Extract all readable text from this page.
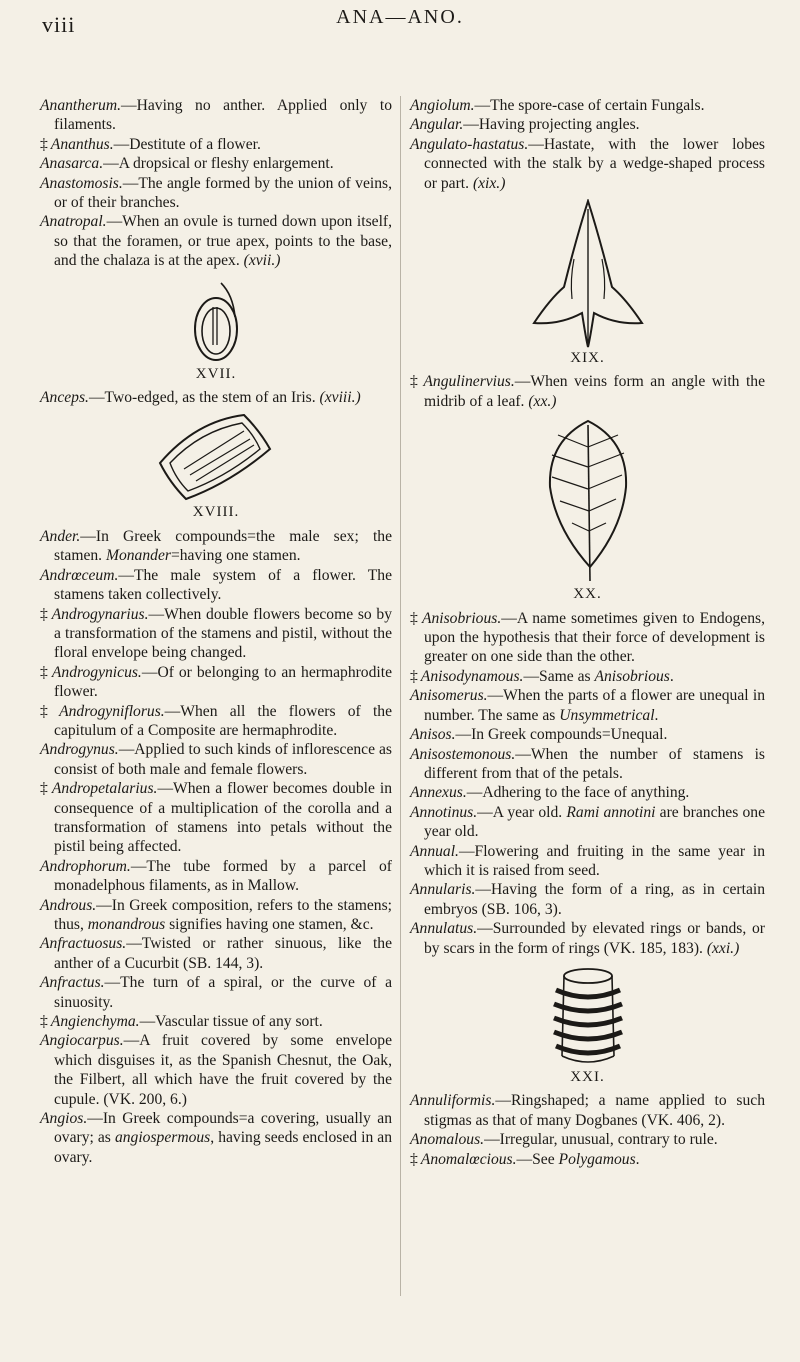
viii	ANA—ANO.

Anantherum.—Having no anther. Applied only to filaments.

‡ Ananthus.—Destitute of a flower.

Anasarca.—A dropsical or fleshy enlargement.

Anastomosis.—The angle formed by the union of veins, or of their branches.

Anatropal.—When an ovule is turned down upon itself, so that the foramen, or true apex, points to the base, and the chalaza is at the apex. (xvii.)

XVII.

Anceps.—Two-edged, as the stem of an Iris. (xviii.)

XVIII.

Ander.—In Greek compounds=the male sex; the stamen. Monander=having one stamen.

Andrœceum.—The male system of a flower. The stamens taken collectively.

‡ Androgynarius.—When double flowers become so by a transformation of the stamens and pistil, without the floral envelope being changed.

‡ Androgynicus.—Of or belonging to an hermaphrodite flower.

‡ Androgyniflorus.—When all the flowers of the capitulum of a Composite are hermaphrodite.

Androgynus.—Applied to such kinds of inflorescence as consist of both male and female flowers.

‡ Andropetalarius.—When a flower becomes double in consequence of a multiplication of the corolla and a transformation of stamens into petals without the pistil being affected.

Androphorum.—The tube formed by a parcel of monadelphous filaments, as in Mallow.

Androus.—In Greek composition, refers to the stamens; thus, monandrous signifies having one stamen, &c.

Anfractuosus.—Twisted or rather sinuous, like the anther of a Cucurbit (SB. 144, 3).

Anfractus.—The turn of a spiral, or the curve of a sinuosity.

‡ Angienchyma.—Vascular tissue of any sort.

Angiocarpus.—A fruit covered by some envelope which disguises it, as the Spanish Chesnut, the Oak, the Filbert, all which have the fruit covered by the cupule. (VK. 200, 6.)

Angios.—In Greek compounds=a covering, usually an ovary; as angiospermous, having seeds enclosed in an ovary.

Angiolum.—The spore-case of certain Fungals.

Angular.—Having projecting angles.

Angulato-hastatus.—Hastate, with the lower lobes connected with the stalk by a wedge-shaped process or part. (xix.)

XIX.

‡ Angulinervius.—When veins form an angle with the midrib of a leaf. (xx.)

XX.

‡ Anisobrious.—A name sometimes given to Endogens, upon the hypothesis that their force of development is greater on one side than the other.

‡ Anisodynamous.—Same as Anisobrious.

Anisomerus.—When the parts of a flower are unequal in number. The same as Unsymmetrical.

Anisos.—In Greek compounds=Unequal.

Anisostemonous.—When the number of stamens is different from that of the petals.

Annexus.—Adhering to the face of anything.

Annotinus.—A year old. Rami annotini are branches one year old.

Annual.—Flowering and fruiting in the same year in which it is raised from seed.

Annularis.—Having the form of a ring, as in certain embryos (SB. 106, 3).

Annulatus.—Surrounded by elevated rings or bands, or by scars in the form of rings (VK. 185, 183). (xxi.)

XXI.

Annuliformis.—Ringshaped; a name applied to such stigmas as that of many Dogbanes (VK. 406, 2).

Anomalous.—Irregular, unusual, contrary to rule.

‡ Anomalœcious.—See Polygamous.
